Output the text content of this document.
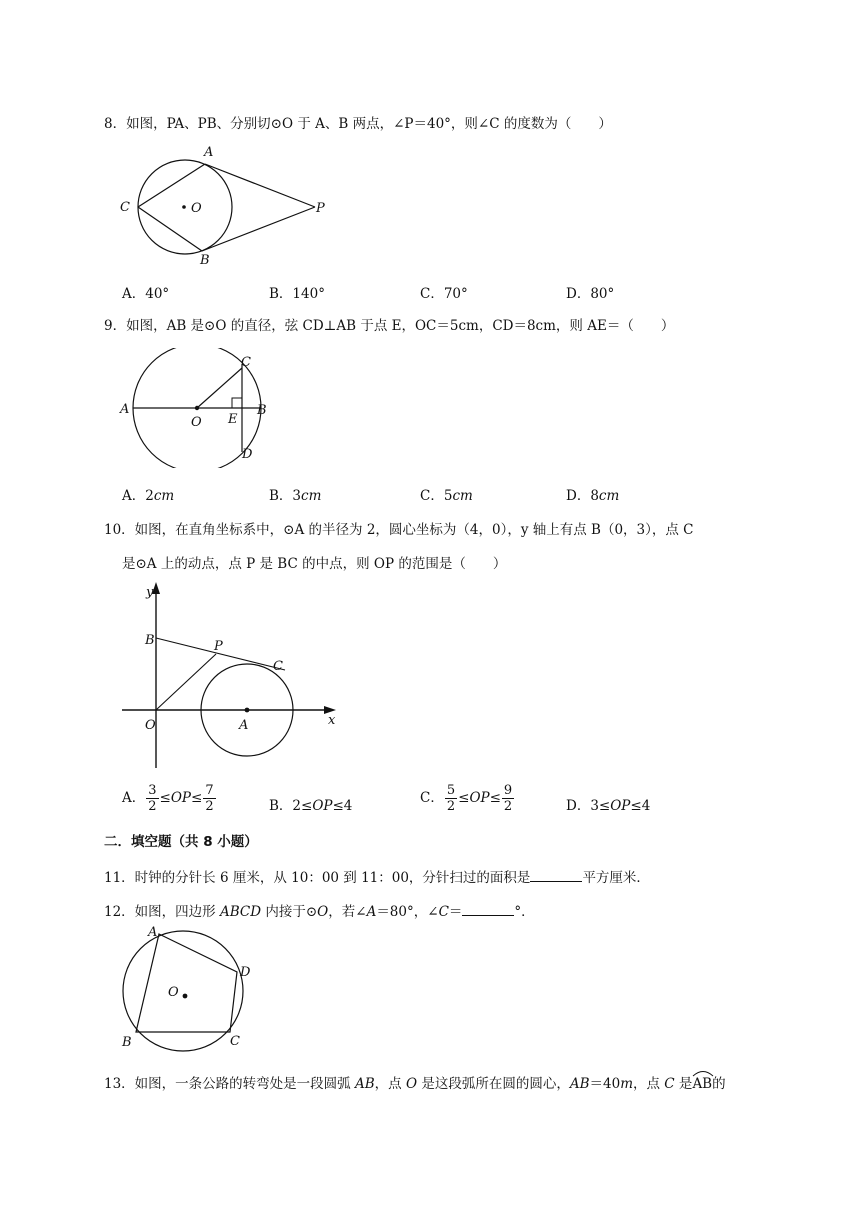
8．如图，PA、PB、分别切⊙O 于 A、B 两点，∠P＝40°，则∠C 的度数为（　　）
A
C	O	P
B
A．40°	B．140°	C．70°	D．80°
9．如图，AB 是⊙O 的直径，弦 CD⊥AB 于点 E，OC＝5cm，CD＝8cm，则 AE＝（　　）
A
O E
B
C
D
A．2cm	B．3cm	C．5cm	D．8cm
10．如图，在直角坐标系中，⊙A 的半径为 2，圆心坐标为（4，0），y 轴上有点 B（0，3），点 C
是⊙A 上的动点，点 P 是 BC 的中点，则 OP 的范围是（　　）
y
x
B	P
C
O	A
A． $\frac{3}{2} \le OP\le \frac{7}{2}$	B．2≤OP≤4	C． $\frac{5}{2} \le OP\le \frac{9}{2}$	D．3≤OP≤4
二．填空题（共 8 小题）
11．时钟的分针长 6 厘米，从 10：00 到 11：00，分针扫过的面积是	平方厘米．
12．如图，四边形 ABCD 内接于⊙O，若∠A＝80°，∠C＝	°．
A
D
O
C
B
13．如图，一条公路的转弯处是一段圆弧 AB，点 O 是这段弧所在圆的圆心，AB＝40m，点 C 是
AB的
